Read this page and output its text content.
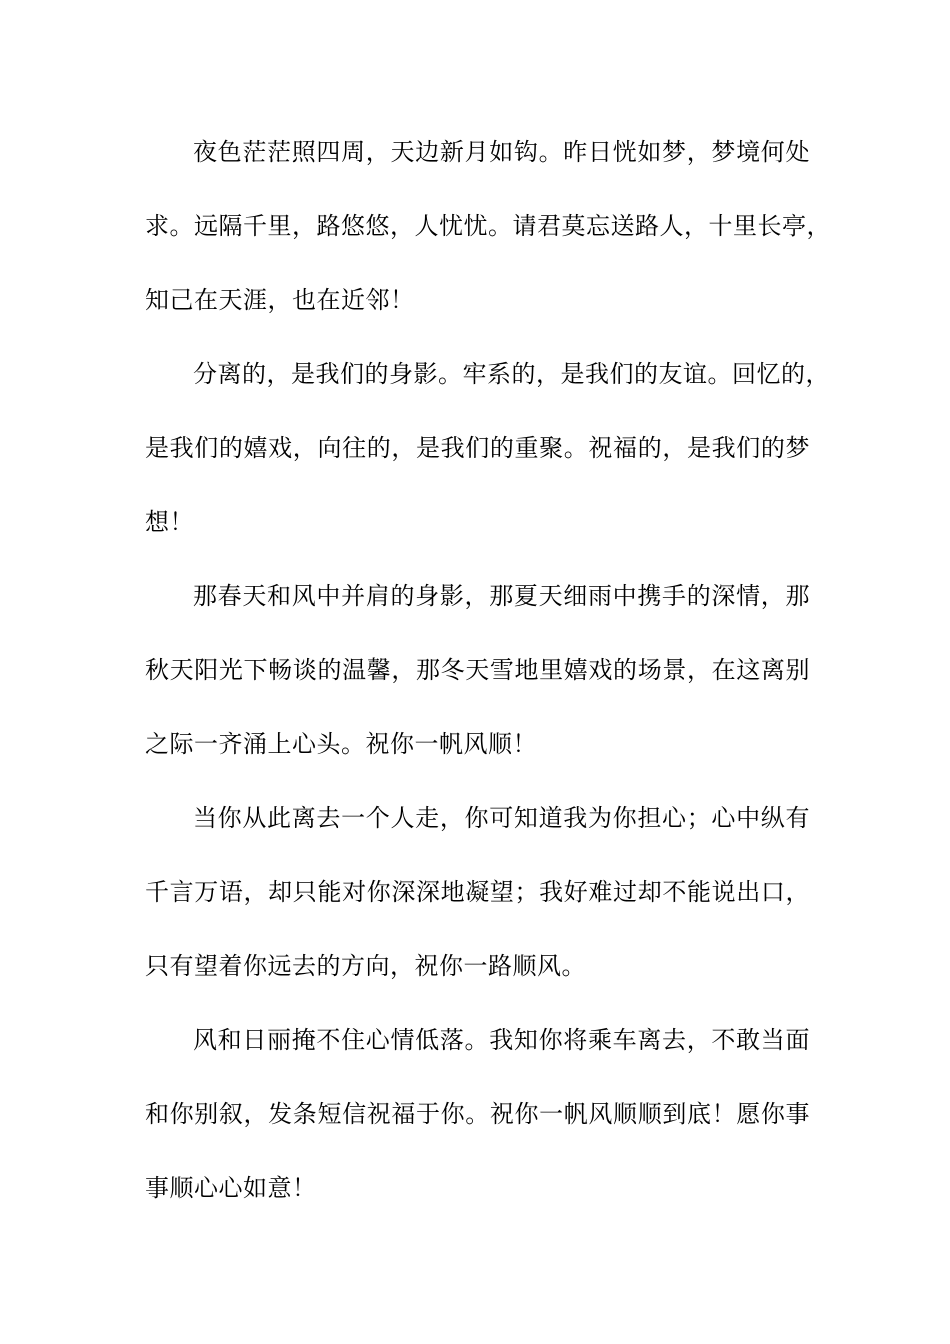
夜色茫茫照四周，天边新月如钩。昨日恍如梦，梦境何处
求。远隔千里，路悠悠，人忧忧。请君莫忘送路人，十里长亭，
知己在天涯，也在近邻！
分离的，是我们的身影。牢系的，是我们的友谊。回忆的，
是我们的嬉戏，向往的，是我们的重聚。祝福的，是我们的梦
想！
那春天和风中并肩的身影，那夏天细雨中携手的深情，那
秋天阳光下畅谈的温馨，那冬天雪地里嬉戏的场景，在这离别
之际一齐涌上心头。祝你一帆风顺！
当你从此离去一个人走，你可知道我为你担心；心中纵有
千言万语，却只能对你深深地凝望；我好难过却不能说出口，
只有望着你远去的方向，祝你一路顺风。
风和日丽掩不住心情低落。我知你将乘车离去，不敢当面
和你别叙，发条短信祝福于你。祝你一帆风顺顺到底！愿你事
事顺心心如意！
